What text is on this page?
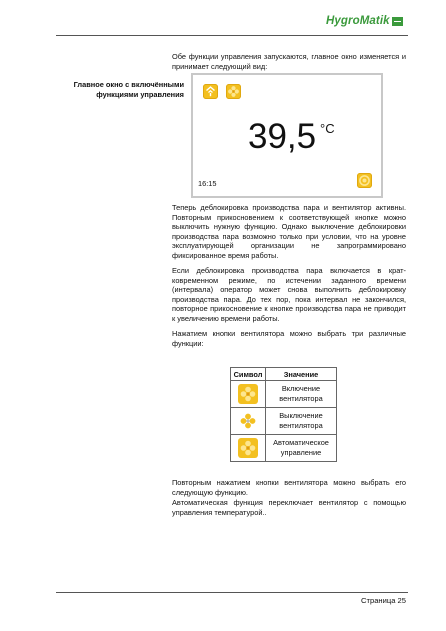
HygroMatik

Обе функции управления запускаются, главное окно изменяется и принимает следующий вид:

Главное окно с включёнными функциями управления
39,5 °C
16:15

Теперь деблокировка производства пара и вентилятор активны. Повторным прикосновением к соответствующей кнопке можно выключить нужную функцию. Однако выключение деблокировки производства пара возможно только при условии, что на уровне эксплуатирующей организации не запрограммировано фиксированное время работы.

Если деблокировка производства пара включается в кратковременном режиме, по истечении заданного времени (интервала) оператор может снова выполнить деблокировку производства пара. До тех пор, пока интервал не закончился, повторное прикосновение к кнопке производства пара не приводит к увеличению времени работы.

Нажатием кнопки вентилятора можно выбрать три различные функции:

Символ	Значение
	Включение вентилятора
	Выключение вентилятора
	Автоматическое управление

Повторным нажатием кнопки вентилятора можно выбрать его следующую функцию.

Автоматическая функция переключает вентилятор с помощью управления температурой..

Страница 25
